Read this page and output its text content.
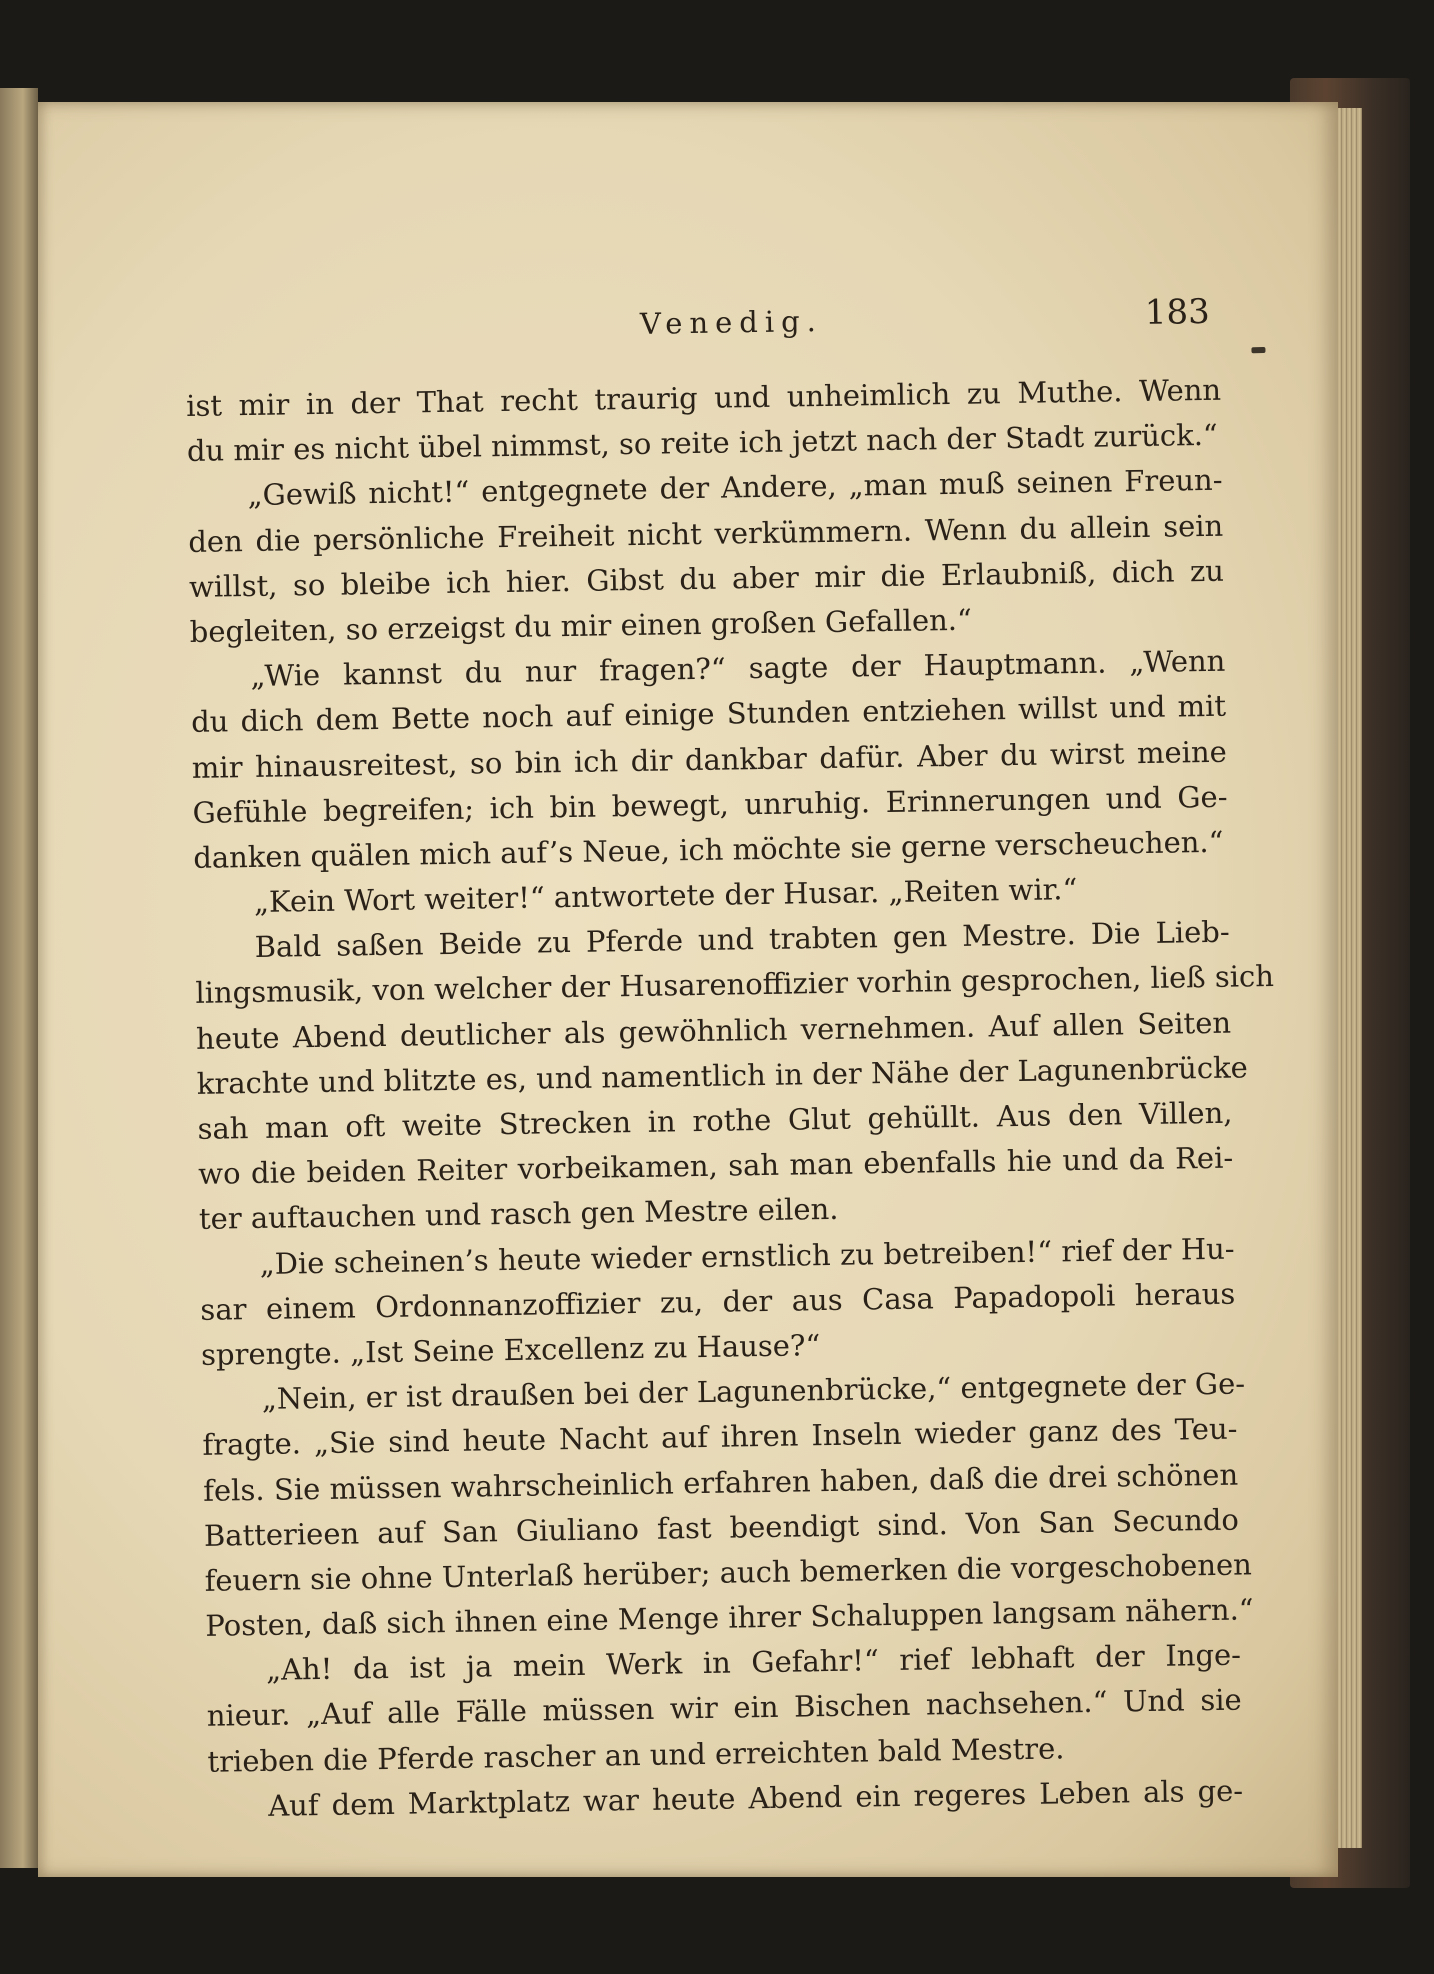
Venedig.	183
ist mir in der That recht traurig und unheimlich zu Muthe. Wenn
du mir es nicht übel nimmst, so reite ich jetzt nach der Stadt zurück.“
„Gewiß nicht!“ entgegnete der Andere, „man muß seinen Freun-
den die persönliche Freiheit nicht verkümmern. Wenn du allein sein
willst, so bleibe ich hier. Gibst du aber mir die Erlaubniß, dich zu
begleiten, so erzeigst du mir einen großen Gefallen.“
„Wie kannst du nur fragen?“ sagte der Hauptmann. „Wenn
du dich dem Bette noch auf einige Stunden entziehen willst und mit
mir hinausreitest, so bin ich dir dankbar dafür. Aber du wirst meine
Gefühle begreifen; ich bin bewegt, unruhig. Erinnerungen und Ge-
danken quälen mich auf’s Neue, ich möchte sie gerne verscheuchen.“
„Kein Wort weiter!“ antwortete der Husar. „Reiten wir.“
Bald saßen Beide zu Pferde und trabten gen Mestre. Die Lieb-
lingsmusik, von welcher der Husarenoffizier vorhin gesprochen, ließ sich
heute Abend deutlicher als gewöhnlich vernehmen. Auf allen Seiten
krachte und blitzte es, und namentlich in der Nähe der Lagunenbrücke
sah man oft weite Strecken in rothe Glut gehüllt. Aus den Villen,
wo die beiden Reiter vorbeikamen, sah man ebenfalls hie und da Rei-
ter auftauchen und rasch gen Mestre eilen.
„Die scheinen’s heute wieder ernstlich zu betreiben!“ rief der Hu-
sar einem Ordonnanzoffizier zu, der aus Casa Papadopoli heraus
sprengte. „Ist Seine Excellenz zu Hause?“
„Nein, er ist draußen bei der Lagunenbrücke,“ entgegnete der Ge-
fragte. „Sie sind heute Nacht auf ihren Inseln wieder ganz des Teu-
fels. Sie müssen wahrscheinlich erfahren haben, daß die drei schönen
Batterieen auf San Giuliano fast beendigt sind. Von San Secundo
feuern sie ohne Unterlaß herüber; auch bemerken die vorgeschobenen
Posten, daß sich ihnen eine Menge ihrer Schaluppen langsam nähern.“
„Ah! da ist ja mein Werk in Gefahr!“ rief lebhaft der Inge-
nieur. „Auf alle Fälle müssen wir ein Bischen nachsehen.“ Und sie
trieben die Pferde rascher an und erreichten bald Mestre.
Auf dem Marktplatz war heute Abend ein regeres Leben als ge-
